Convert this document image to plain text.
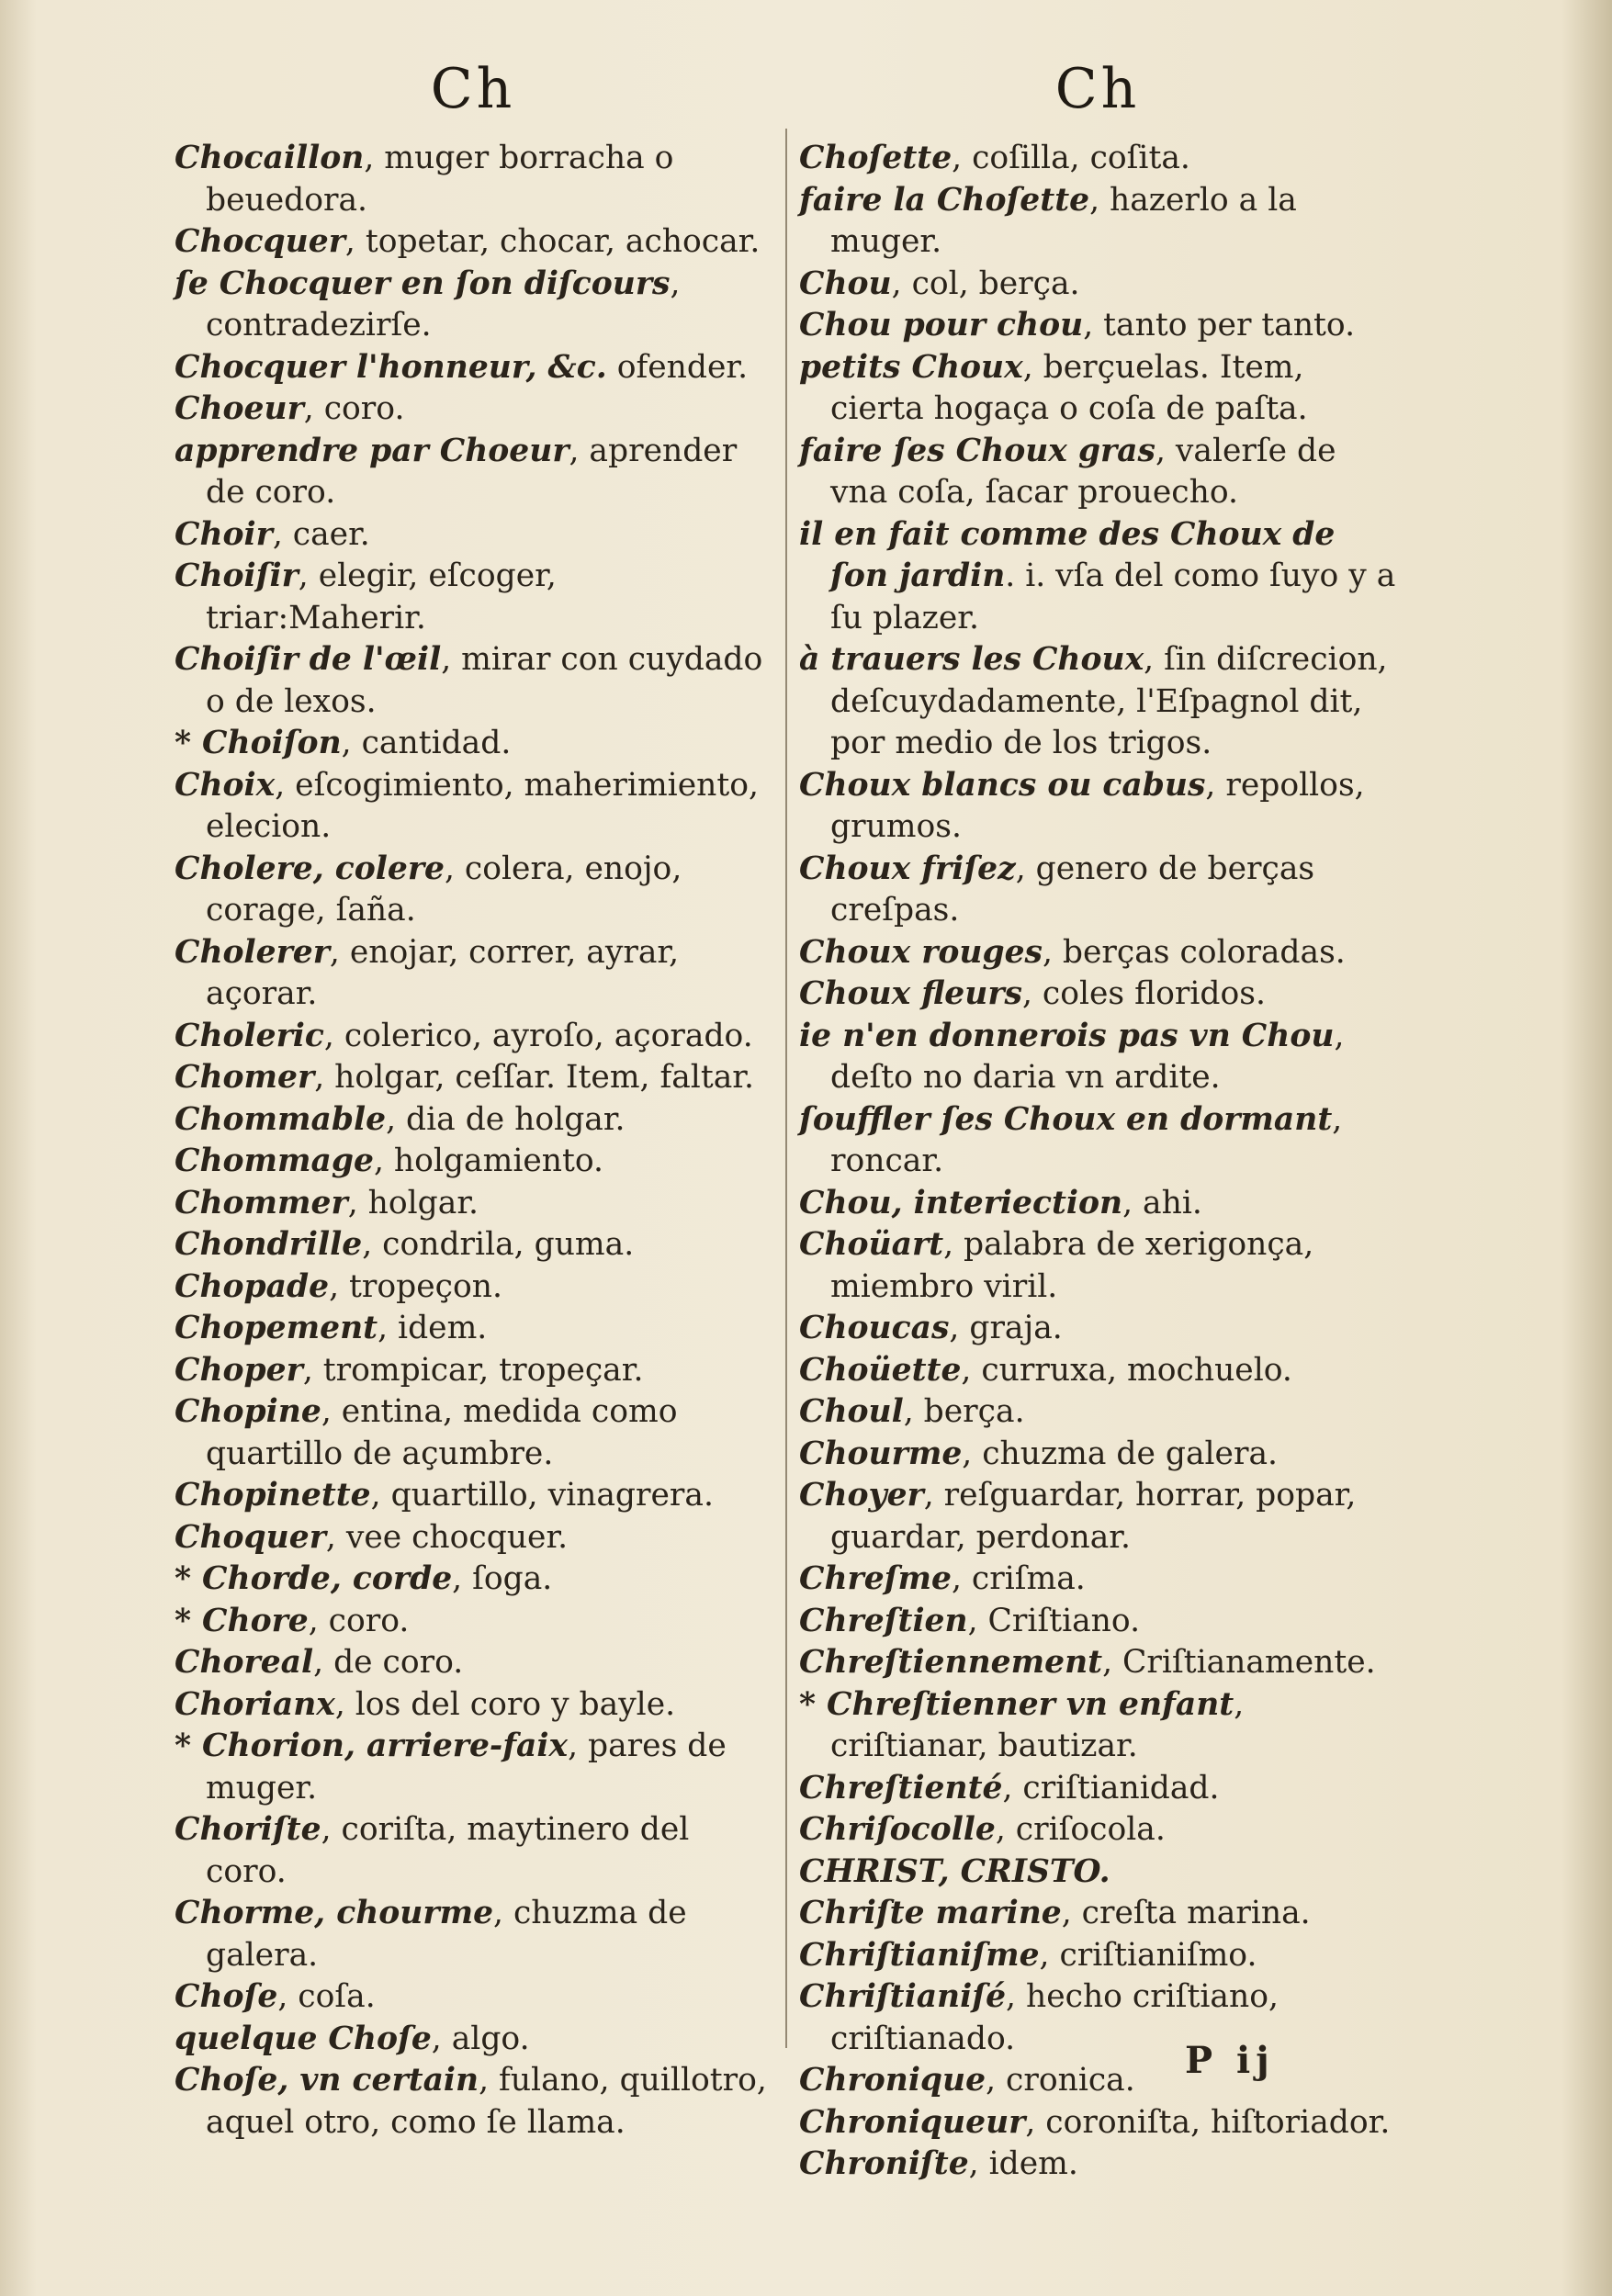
Ch	Ch

Chocaillon, muger borracha o beuedora.

Chocquer, topetar, chocar, achocar.

ſe Chocquer en ſon diſcours, contradezirſe.

Chocquer l'honneur, &c. ofender.

Choeur, coro.

apprendre par Choeur, aprender de coro.

Choir, caer.

Choiſir, elegir, eſcoger, triar:Maherir.

Choiſir de l'œil, mirar con cuydado o de lexos.

* Choiſon, cantidad.

Choix, eſcogimiento, maherimiento, elecion.

Cholere, colere, colera, enojo, corage, ſaña.

Cholerer, enojar, correr, ayrar, açorar.

Choleric, colerico, ayroſo, açorado.

Chomer, holgar, ceſſar. Item, faltar.

Chommable, dia de holgar.

Chommage, holgamiento.

Chommer, holgar.

Chondrille, condrila, guma.

Chopade, tropeçon.

Chopement, idem.

Choper, trompicar, tropeçar.

Chopine, entina, medida como quartillo de açumbre.

Chopinette, quartillo, vinagrera.

Choquer, vee chocquer.

* Chorde, corde, ſoga.

* Chore, coro.

Choreal, de coro.

Chorianx, los del coro y bayle.

* Chorion, arriere-faix, pares de muger.

Choriſte, coriſta, maytinero del coro.

Chorme, chourme, chuzma de galera.

Choſe, coſa.

quelque Choſe, algo.

Choſe, vn certain, fulano, quillotro, aquel otro, como ſe llama.

Choſette, coſilla, coſita.

faire la Choſette, hazerlo a la muger.

Chou, col, berça.

Chou pour chou, tanto per tanto.

petits Choux, berçuelas. Item, cierta hogaça o coſa de paſta.

faire ſes Choux gras, valerſe de vna coſa, ſacar prouecho.

il en fait comme des Choux de ſon jardin. i. vſa del como ſuyo y a ſu plazer.

à trauers les Choux, ſin diſcrecion, deſcuydadamente, l'Eſpagnol dit, por medio de los trigos.

Choux blancs ou cabus, repollos, grumos.

Choux friſez, genero de berças creſpas.

Choux rouges, berças coloradas.

Choux fleurs, coles floridos.

ie n'en donnerois pas vn Chou, deſto no daria vn ardite.

ſouffler ſes Choux en dormant, roncar.

Chou, interiection, ahi.

Choüart, palabra de xerigonça, miembro viril.

Choucas, graja.

Choüette, curruxa, mochuelo.

Choul, berça.

Chourme, chuzma de galera.

Choyer, reſguardar, horrar, popar, guardar, perdonar.

Chreſme, criſma.

Chreſtien, Criſtiano.

Chreſtiennement, Criſtianamente.

* Chreſtienner vn enfant, criſtianar, bautizar.

Chreſtienté, criſtianidad.

Chriſocolle, criſocola.

CHRIST, CRISTO.

Chriſte marine, creſta marina.

Chriſtianiſme, criſtianiſmo.

Chriſtianiſé, hecho criſtiano, criſtianado.

Chronique, cronica.

Chroniqueur, coroniſta, hiſtoriador.

Chroniſte, idem.

P ij
